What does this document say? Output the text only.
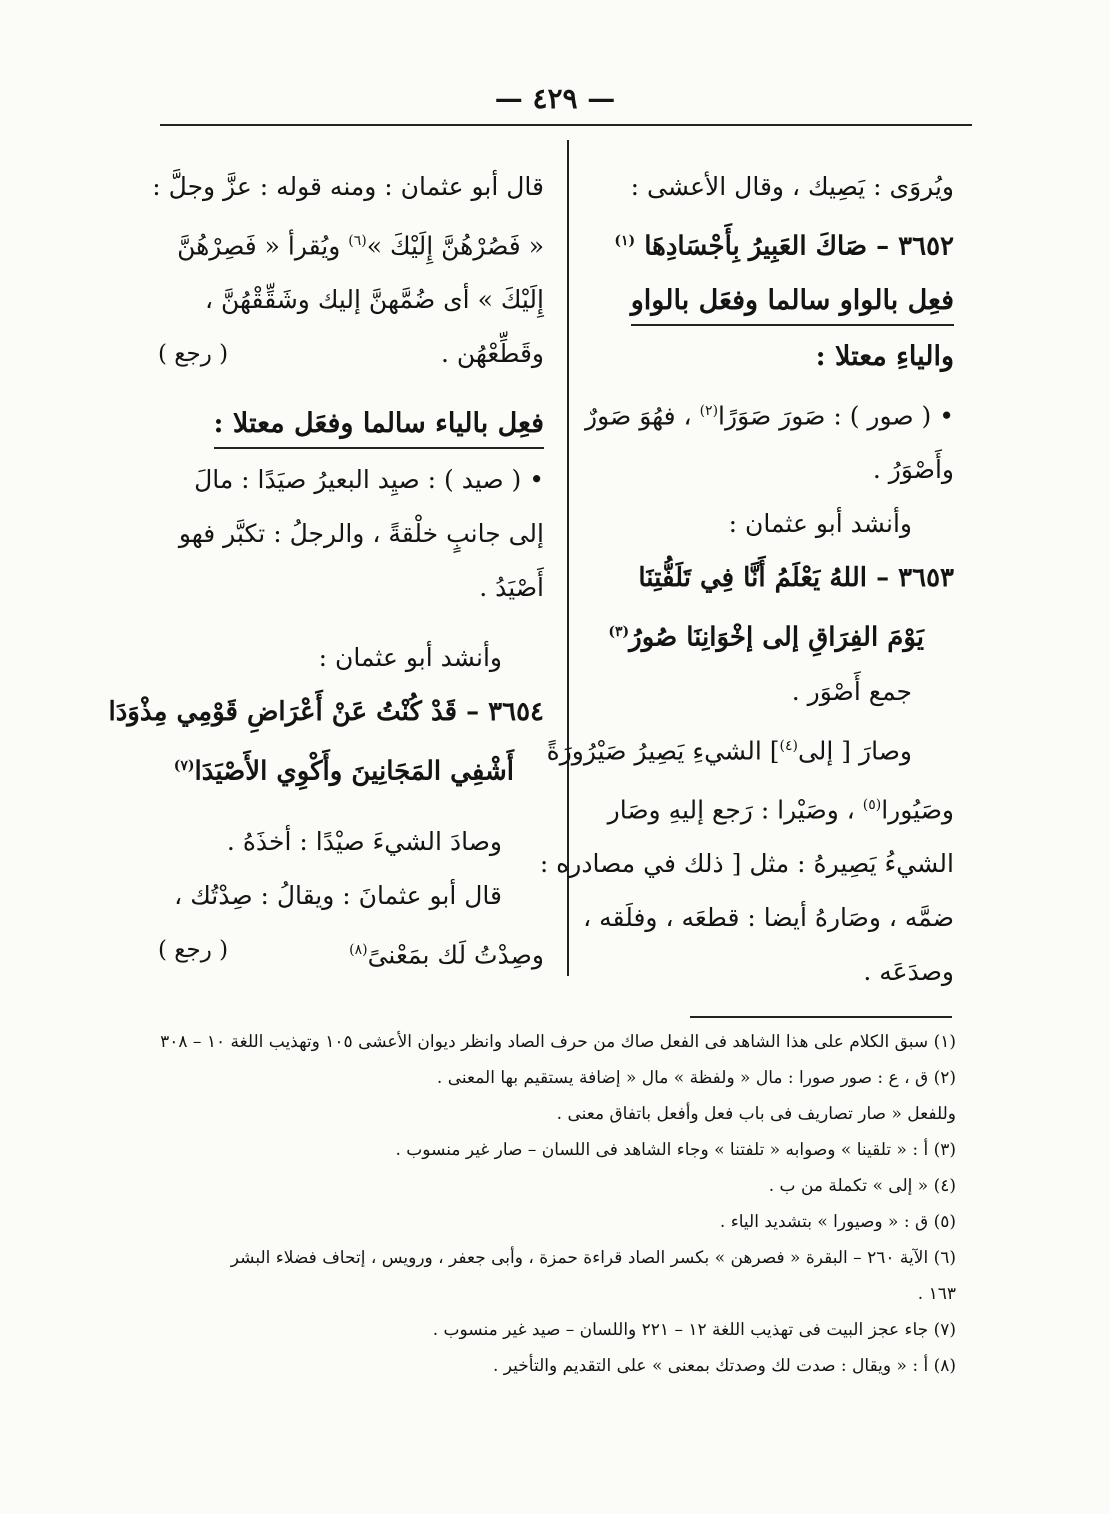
— ٤٢٩ —
ويُروَى : يَصِيك ، وقال الأعشى :
٣٦٥٢ – صَاكَ العَبِيرُ بِأَجْسَادِهَا $^{(١)}$
فعِل بالواو سالما وفعَل بالواو
والياءِ معتلا :
• ( صور ) : صَورَ صَوَرًا$^{(٢)}$ ، فهُوَ صَورٌ
وأَصْوَرُ .
وأنشد أبو عثمان :
٣٦٥٣ – اللهُ يَعْلَمُ أَنَّا فِي تَلَفُّتِنَا
يَوْمَ الفِرَاقِ إلى إخْوَانِنَا صُورُ$^{(٣)}$
جمع أَصْوَر .
وصارَ [ إلى$^{(٤)}$] الشيءِ يَصِيرُ صَيْرُورَةً
وصَيُورا$^{(٥)}$ ، وصَيْرا : رَجع إليهِ وصَار
الشيءُ يَصِيرهُ : مثل [ ذلك في مصادره :
ضمَّه ، وصَارهُ أيضا : قطعَه ، وفلَقه ،
وصدَعَه .
قال أبو عثمان : ومنه قوله : عزَّ وجلَّ :
« فَصُرْهُنَّ إِلَيْكَ »$^{(٦)}$ ويُقرأ « فَصِرْهُنَّ
إِلَيْكَ » أى ضُمَّهنَّ إليك وشَقِّقْهُنَّ ،
وقَطِّعْهُن .
( رجع )
فعِل بالياء سالما وفعَل معتلا :
• ( صيد ) : صيِد البعيرُ صيَدًا : مالَ
إلى جانبٍ خلْقةً ، والرجلُ : تكبَّر فهو
أَصْيَدُ .
وأنشد أبو عثمان :
٣٦٥٤ – قَدْ كُنْتُ عَنْ أَعْرَاضِ قَوْمِي مِذْوَدَا
أَشْفِي المَجَانِينَ وأَكْوِي الأَصْيَدَا$^{(٧)}$
وصادَ الشيءَ صيْدًا : أخذَهُ .
قال أبو عثمانَ : ويقالُ : صِدْتُك ،
وصِدْتُ لَك بمَعْنىً$^{(٨)}$
( رجع )
(١) سبق الكلام على هذا الشاهد فى الفعل صاك من حرف الصاد وانظر ديوان الأعشى ١٠٥ وتهذيب اللغة ١٠ – ٣٠٨
(٢) ق ، ع : صور صورا : مال « ولفظة » مال « إضافة يستقيم بها المعنى .
وللفعل « صار تصاريف فى باب فعل وأفعل باتفاق معنى .
(٣) أ : « تلقينا » وصوابه « تلفتنا » وجاء الشاهد فى اللسان – صار غير منسوب .
(٤) « إلى » تكملة من ب .
(٥) ق : « وصيورا » بتشديد الياء .
(٦) الآية ٢٦٠ – البقرة « فصرهن » بكسر الصاد قراءة حمزة ، وأبى جعفر ، ورويس ، إتحاف فضلاء البشر
١٦٣ .
(٧) جاء عجز البيت فى تهذيب اللغة ١٢ – ٢٢١ واللسان – صيد غير منسوب .
(٨) أ : « ويقال : صدت لك وصدتك بمعنى » على التقديم والتأخير .
